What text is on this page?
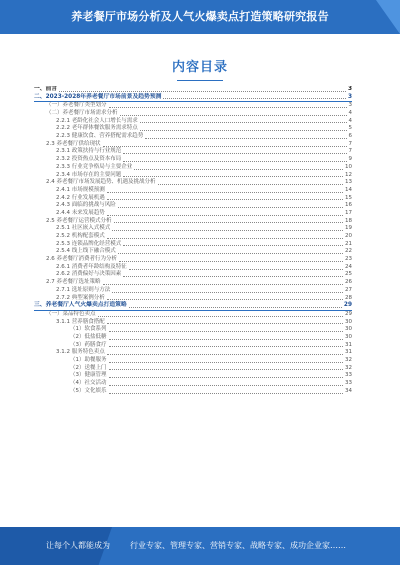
养老餐厅市场分析及人气火爆卖点打造策略研究报告
内容目录
一、前言	3
二、2023-2028年养老餐厅市场前景及趋势预测	3
（一）养老餐厅类型划分	3
（二）养老餐厅市场需求分析	4
2.2.1 老龄化社会人口增长与需求	4
2.2.2 老年群体餐饮服务需求特点	5
2.2.3 健康饮食、营养搭配需求趋势	6
2.3 养老餐厅供给现状	7
2.3.1 政策扶持与行业规范	7
2.3.2 投资热点及资本布局	9
2.3.3 行业竞争格局与主要企业	10
2.3.4 市场存在的主要问题	12
2.4 养老餐厅市场发展趋势、机遇及挑战分析	13
2.4.1 市场规模预测	14
2.4.2 行业发展机遇	15
2.4.3 面临的挑战与风险	16
2.4.4 未来发展趋势	17
2.5 养老餐厅运营模式分析	18
2.5.1 社区嵌入式模式	19
2.5.2 机构配套模式	20
2.5.3 连锁品牌化经营模式	21
2.5.4 线上线下融合模式	22
2.6 养老餐厅消费者行为分析	23
2.6.1 消费者年龄结构及特征	24
2.6.2 消费偏好与决策因素	25
2.7 养老餐厅选址策略	26
2.7.1 选址原则与方法	27
2.7.2 典型案例分析	28
三、养老餐厅人气火爆卖点打造策略	29
（一）菜品特色卖点	29
3.1.1 营养膳食搭配	30
（1）软食系列	30
（2）低盐低糖	30
（3）药膳食疗	31
3.1.2 服务特色卖点	31
（1）助餐服务	32
（2）送餐上门	32
（3）健康管理	33
（4）社交活动	33
（5）文化娱乐	34
让每个人都能成为	行业专家、管理专家、营销专家、战略专家、成功企业家……
